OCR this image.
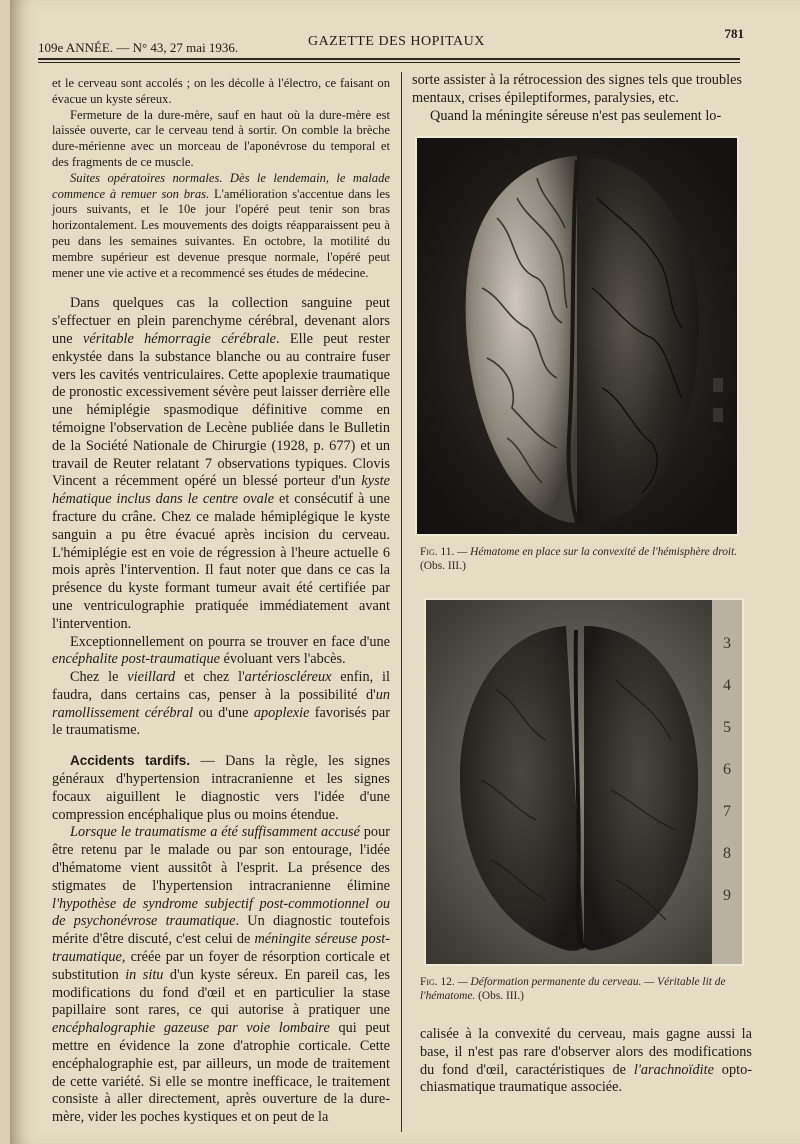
109e ANNÉE. — N° 43, 27 mai 1936.	GAZETTE DES HOPITAUX
781

et le cerveau sont accolés ; on les décolle à l'électro, ce faisant on évacue un kyste séreux.

Fermeture de la dure-mère, sauf en haut où la dure-mère est laissée ouverte, car le cerveau tend à sortir. On comble la brèche dure-mérienne avec un morceau de l'aponévrose du temporal et des fragments de ce muscle.

Suites opératoires normales. Dès le lendemain, le malade commence à remuer son bras. L'amélioration s'accentue dans les jours suivants, et le 10e jour l'opéré peut tenir son bras horizontalement. Les mouvements des doigts réapparaissent peu à peu dans les semaines suivantes. En octobre, la motilité du membre supérieur est devenue presque normale, l'opéré peut mener une vie active et a recommencé ses études de médecine.

Dans quelques cas la collection sanguine peut s'effectuer en plein parenchyme cérébral, devenant alors une véritable hémorragie cérébrale. Elle peut rester enkystée dans la substance blanche ou au contraire fuser vers les cavités ventriculaires. Cette apoplexie traumatique de pronostic excessivement sévère peut laisser derrière elle une hémiplégie spasmodique définitive comme en témoigne l'observation de Lecène publiée dans le Bulletin de la Société Nationale de Chirurgie (1928, p. 677) et un travail de Reuter relatant 7 observations typiques. Clovis Vincent a récemment opéré un blessé porteur d'un kyste hématique inclus dans le centre ovale et consécutif à une fracture du crâne. Chez ce malade hémiplégique le kyste sanguin a pu être évacué après incision du cerveau. L'hémiplégie est en voie de régression à l'heure actuelle 6 mois après l'intervention. Il faut noter que dans ce cas la présence du kyste formant tumeur avait été certifiée par une ventriculographie pratiquée immédiatement avant l'intervention.

Exceptionnellement on pourra se trouver en face d'une encéphalite post-traumatique évoluant vers l'abcès.

Chez le vieillard et chez l'artérioscléreux enfin, il faudra, dans certains cas, penser à la possibilité d'un ramollissement cérébral ou d'une apoplexie favorisés par le traumatisme.

Accidents tardifs. — Dans la règle, les signes généraux d'hypertension intracranienne et les signes focaux aiguillent le diagnostic vers l'idée d'une compression encéphalique plus ou moins étendue.

Lorsque le traumatisme a été suffisamment accusé pour être retenu par le malade ou par son entourage, l'idée d'hématome vient aussitôt à l'esprit. La présence des stigmates de l'hypertension intracranienne élimine l'hypothèse de syndrome subjectif post-commotionnel ou de psychonévrose traumatique. Un diagnostic toutefois mérite d'être discuté, c'est celui de méningite séreuse post-traumatique, créée par un foyer de résorption corticale et substitution in situ d'un kyste séreux. En pareil cas, les modifications du fond d'œil et en particulier la stase papillaire sont rares, ce qui autorise à pratiquer une encéphalographie gazeuse par voie lombaire qui peut mettre en évidence la zone d'atrophie corticale. Cette encéphalographie est, par ailleurs, un mode de traitement de cette variété. Si elle se montre inefficace, le traitement consiste à aller directement, après ouverture de la dure-mère, vider les poches kystiques et on peut de la

sorte assister à la rétrocession des signes tels que troubles mentaux, crises épileptiformes, paralysies, etc.

Quand la méningite séreuse n'est pas seulement lo-

Fig. 11. — Hématome en place sur la convexité de l'hémisphère droit. (Obs. III.)
3
4
5
6
7
8
9
Fig. 12. — Déformation permanente du cerveau. — Véritable lit de l'hématome. (Obs. III.)

calisée à la convexité du cerveau, mais gagne aussi la base, il n'est pas rare d'observer alors des modifications du fond d'œil, caractéristiques de l'arachnoïdite opto-chiasmatique traumatique associée.
